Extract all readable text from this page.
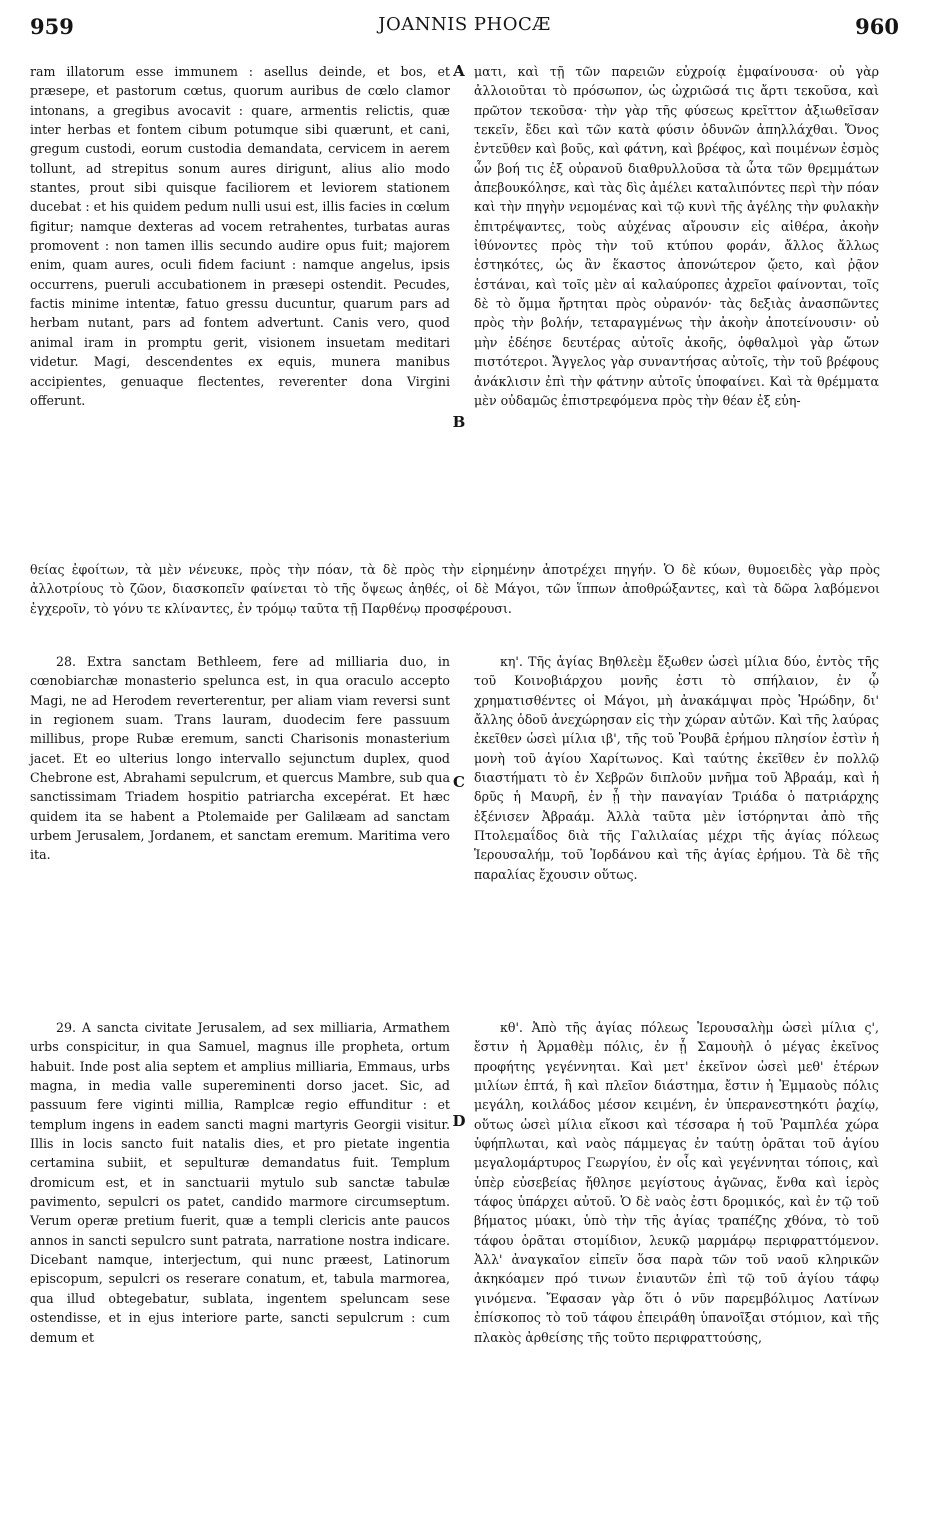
959	JOANNIS PHOCÆ	960
A
B
C
D

ram illatorum esse immunem : asellus deinde, et bos, et præsepe, et pastorum cœtus, quorum auribus de cœlo clamor intonans, a gregibus avocavit : quare, armentis relictis, quæ inter herbas et fontem cibum potumque sibi quærunt, et cani, gregum custodi, eorum custodia demandata, cervicem in aerem tollunt, ad strepitus sonum aures dirigunt, alius alio modo stantes, prout sibi quisque faciliorem et leviorem stationem ducebat : et his quidem pedum nulli usui est, illis facies in cœlum figitur; namque dexteras ad vocem retrahentes, turbatas auras promovent : non tamen illis secundo audire opus fuit; majorem enim, quam aures, oculi fidem faciunt : namque angelus, ipsis occurrens, pueruli accubationem in præsepi ostendit. Pecudes, factis minime intentæ, fatuo gressu ducuntur, quarum pars ad herbam nutant, pars ad fontem advertunt. Canis vero, quod animal iram in promptu gerit, visionem insuetam meditari videtur. Magi, descendentes ex equis, munera manibus accipientes, genuaque flectentes, reverenter dona Virgini offerunt.

ματι, καὶ τῇ τῶν παρειῶν εὐχροίᾳ ἐμφαίνουσα· οὐ γὰρ ἀλλοιοῦται τὸ πρόσωπον, ὡς ὠχριῶσά τις ἄρτι τεκοῦσα, καὶ πρῶτον τεκοῦσα· τὴν γὰρ τῆς φύσεως κρεῖττον ἀξιωθεῖσαν τεκεῖν, ἔδει καὶ τῶν κατὰ φύσιν ὀδυνῶν ἀπηλλάχθαι. Ὄνος ἐντεῦθεν καὶ βοῦς, καὶ φάτνη, καὶ βρέφος, καὶ ποιμένων ἐσμὸς ὧν βοή τις ἐξ οὐρανοῦ διαθρυλλοῦσα τὰ ὦτα τῶν θρεμμάτων ἀπεβουκόλησε, καὶ τὰς δὶς ἀμέλει καταλιπόντες περὶ τὴν πόαν καὶ τὴν πηγὴν νεμομένας καὶ τῷ κυνὶ τῆς ἀγέλης τὴν φυλακὴν ἐπιτρέψαντες, τοὺς αὐχένας αἴρουσιν εἰς αἰθέρα, ἀκοὴν ἰθύνοντες πρὸς τὴν τοῦ κτύπου φοράν, ἄλλος ἄλλως ἑστηκότες, ὡς ἂν ἕκαστος ἀπονώτερον ᾤετο, καὶ ῥᾷον ἑστάναι, καὶ τοῖς μὲν αἱ καλαύροπες ἀχρεῖοι φαίνονται, τοῖς δὲ τὸ ὄμμα ἤρτηται πρὸς οὐρανόν· τὰς δεξιὰς ἀνασπῶντες πρὸς τὴν βολήν, τεταραγμένως τὴν ἀκοὴν ἀποτείνουσιν· οὐ μὴν ἐδέησε δευτέρας αὐτοῖς ἀκοῆς, ὀφθαλμοὶ γὰρ ὤτων πιστότεροι. Ἄγγελος γὰρ συναντήσας αὐτοῖς, τὴν τοῦ βρέφους ἀνάκλισιν ἐπὶ τὴν φάτνην αὐτοῖς ὑποφαίνει. Καὶ τὰ θρέμματα μὲν οὐδαμῶς ἐπιστρεφόμενα πρὸς τὴν θέαν ἐξ εὐη-

θείας ἐφοίτων, τὰ μὲν νένευκε, πρὸς τὴν πόαν, τὰ δὲ πρὸς τὴν εἰρημένην ἀποτρέχει πηγήν. Ὁ δὲ κύων, θυμοειδὲς γὰρ πρὸς ἀλλοτρίους τὸ ζῶον, διασκοπεῖν φαίνεται τὸ τῆς ὄψεως ἀηθές, οἱ δὲ Μάγοι, τῶν ἵππων ἀποθρώξαντες, καὶ τὰ δῶρα λαβόμενοι ἐγχεροῖν, τὸ γόνυ τε κλίναντες, ἐν τρόμῳ ταῦτα τῇ Παρθένῳ προσφέρουσι.

28. Extra sanctam Bethleem, fere ad milliaria duo, in cœnobiarchæ monasterio spelunca est, in qua oraculo accepto Magi, ne ad Herodem reverterentur, per aliam viam reversi sunt in regionem suam. Trans lauram, duodecim fere passuum millibus, prope Rubæ eremum, sancti Charisonis monasterium jacet. Et eo ulterius longo intervallo sejunctum duplex, quod Chebrone est, Abrahami sepulcrum, et quercus Mambre, sub qua sanctissimam Triadem hospitio patriarcha excepérat. Et hæc quidem ita se habent a Ptolemaide per Galilæam ad sanctam urbem Jerusalem, Jordanem, et sanctam eremum. Maritima vero ita.

κη'. Τῆς ἁγίας Βηθλεὲμ ἔξωθεν ὡσεὶ μίλια δύο, ἐντὸς τῆς τοῦ Κοινοβιάρχου μονῆς ἐστι τὸ σπήλαιον, ἐν ᾧ χρηματισθέντες οἱ Μάγοι, μὴ ἀνακάμψαι πρὸς Ἡρώδην, δι' ἄλλης ὁδοῦ ἀνεχώρησαν εἰς τὴν χώραν αὐτῶν. Καὶ τῆς λαύρας ἐκεῖθεν ὡσεὶ μίλια ιβ', τῆς τοῦ Ῥουβᾶ ἐρήμου πλησίον ἐστὶν ἡ μονὴ τοῦ ἁγίου Χαρίτωνος. Καὶ ταύτης ἐκεῖθεν ἐν πολλῷ διαστήματι τὸ ἐν Χεβρῶν διπλοῦν μνῆμα τοῦ Ἀβραάμ, καὶ ἡ δρῦς ἡ Μαυρῆ, ἐν ᾗ τὴν παναγίαν Τριάδα ὁ πατριάρχης ἐξένισεν Ἀβραάμ. Ἀλλὰ ταῦτα μὲν ἱστόρηνται ἀπὸ τῆς Πτολεμαΐδος διὰ τῆς Γαλιλαίας μέχρι τῆς ἁγίας πόλεως Ἱερουσαλήμ, τοῦ Ἰορδάνου καὶ τῆς ἁγίας ἐρήμου. Τὰ δὲ τῆς παραλίας ἔχουσιν οὕτως.

29. A sancta civitate Jerusalem, ad sex milliaria, Armathem urbs conspicitur, in qua Samuel, magnus ille propheta, ortum habuit. Inde post alia septem et amplius milliaria, Emmaus, urbs magna, in media valle supereminenti dorso jacet. Sic, ad passuum fere viginti millia, Ramplcæ regio effunditur : et templum ingens in eadem sancti magni martyris Georgii visitur. Illis in locis sancto fuit natalis dies, et pro pietate ingentia certamina subiit, et sepulturæ demandatus fuit. Templum dromicum est, et in sanctuarii mytulo sub sanctæ tabulæ pavimento, sepulcri os patet, candido marmore circumseptum. Verum operæ pretium fuerit, quæ a templi clericis ante paucos annos in sancti sepulcro sunt patrata, narratione nostra indicare. Dicebant namque, interjectum, qui nunc præest, Latinorum episcopum, sepulcri os reserare conatum, et, tabula marmorea, qua illud obtegebatur, sublata, ingentem speluncam sese ostendisse, et in ejus interiore parte, sancti sepulcrum : cum demum et

κθ'. Ἀπὸ τῆς ἁγίας πόλεως Ἱερουσαλὴμ ὡσεὶ μίλια ς', ἔστιν ἡ Ἀρμαθὲμ πόλις, ἐν ᾗ Σαμουὴλ ὁ μέγας ἐκεῖνος προφήτης γεγέννηται. Καὶ μετ' ἐκεῖνον ὡσεὶ μεθ' ἑτέρων μιλίων ἑπτά, ἢ καὶ πλεῖον διάστημα, ἔστιν ἡ Ἐμμαοὺς πόλις μεγάλη, κοιλάδος μέσον κειμένη, ἐν ὑπερανεστηκότι ῥαχίῳ, οὕτως ὡσεὶ μίλια εἴκοσι καὶ τέσσαρα ἡ τοῦ Ῥαμπλέα χώρα ὑφήπλωται, καὶ ναὸς πάμμεγας ἐν ταύτῃ ὁρᾶται τοῦ ἁγίου μεγαλομάρτυρος Γεωργίου, ἐν οἷς καὶ γεγέννηται τόποις, καὶ ὑπὲρ εὐσεβείας ἤθλησε μεγίστους ἀγῶνας, ἔνθα καὶ ἱερὸς τάφος ὑπάρχει αὐτοῦ. Ὁ δὲ ναὸς ἐστι δρομικός, καὶ ἐν τῷ τοῦ βήματος μύακι, ὑπὸ τὴν τῆς ἁγίας τραπέζης χθόνα, τὸ τοῦ τάφου ὁρᾶται στομίδιον, λευκῷ μαρμάρῳ περιφραττόμενον. Ἀλλ' ἀναγκαῖον εἰπεῖν ὅσα παρὰ τῶν τοῦ ναοῦ κληρικῶν ἀκηκόαμεν πρό τινων ἐνιαυτῶν ἐπὶ τῷ τοῦ ἁγίου τάφῳ γινόμενα. Ἔφασαν γὰρ ὅτι ὁ νῦν παρεμβόλιμος Λατίνων ἐπίσκοπος τὸ τοῦ τάφου ἐπειράθη ὑπανοῖξαι στόμιον, καὶ τῆς πλακὸς ἀρθείσης τῆς τοῦτο περιφραττούσης,
